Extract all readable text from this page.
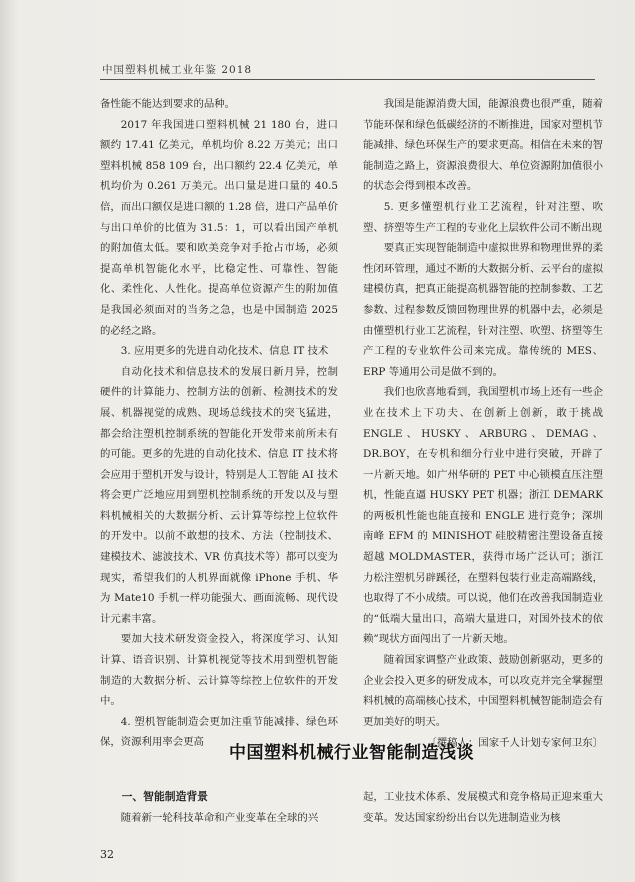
中国塑料机械工业年鉴 2018

备性能不能达到要求的品种。

2017 年我国进口塑料机械 21 180 台，进口额约 17.41 亿美元，单机均价 8.22 万美元；出口塑料机械 858 109 台，出口额约 22.4 亿美元，单机均价为 0.261 万美元。出口量是进口量的 40.5 倍，而出口额仅是进口额的 1.28 倍，进口产品单价与出口单价的比值为 31.5：1，可以看出国产单机的附加值太低。要和欧美竞争对手抢占市场，必须提高单机智能化水平，比稳定性、可靠性、智能化、柔性化、人性化。提高单位资源产生的附加值是我国必须面对的当务之急，也是中国制造 2025 的必经之路。

3. 应用更多的先进自动化技术、信息 IT 技术

自动化技术和信息技术的发展日新月异，控制硬件的计算能力、控制方法的创新、检测技术的发展、机器视觉的成熟、现场总线技术的突飞猛进，都会给注塑机控制系统的智能化开发带来前所未有的可能。更多的先进的自动化技术、信息 IT 技术将会应用于塑机开发与设计，特别是人工智能 AI 技术将会更广泛地应用到塑机控制系统的开发以及与塑料机械相关的大数据分析、云计算等综控上位软件的开发中。以前不敢想的技术、方法（控制技术、建模技术、滤波技术、VR 仿真技术等）都可以变为现实，希望我们的人机界面就像 iPhone 手机、华为 Mate10 手机一样功能强大、画面流畅、现代设计元素丰富。

要加大技术研发资金投入，将深度学习、认知计算、语音识别、计算机视觉等技术用到塑机智能制造的大数据分析、云计算等综控上位软件的开发中。

4. 塑机智能制造会更加注重节能减排、绿色环保，资源利用率会更高

我国是能源消费大国，能源浪费也很严重，随着节能环保和绿色低碳经济的不断推进，国家对塑机节能减排、绿色环保生产的要求更高。相信在未来的智能制造之路上，资源浪费很大、单位资源附加值很小的状态会得到根本改善。

5. 更多懂塑机行业工艺流程，针对注塑、吹塑、挤塑等生产工程的专业化上层软件公司不断出现

要真正实现智能制造中虚拟世界和物理世界的柔性闭环管理，通过不断的大数据分析、云平台的虚拟建模仿真，把真正能提高机器智能的控制参数、工艺参数、过程参数反馈回物理世界的机器中去，必须是由懂塑机行业工艺流程，针对注塑、吹塑、挤塑等生产工程的专业软件公司来完成。靠传统的 MES、ERP 等通用公司是做不到的。

我们也欣喜地看到，我国塑机市场上还有一些企业在技术上下功夫、在创新上创新，敢于挑战 ENGLE、HUSKY、ARBURG、DEMAG、DR.BOY，在专机和细分行业中进行突破，开辟了一片新天地。如广州华研的 PET 中心锁模直压注塑机，性能直逼 HUSKY PET 机器；浙江 DEMARK 的两板机性能也能直接和 ENGLE 进行竞争；深圳南峰 EFM 的 MINISHOT 硅胶精密注塑设备直接超越 MOLDMASTER，获得市场广泛认可；浙江力松注塑机另辟蹊径，在塑料包装行业走高端路线，也取得了不小成绩。可以说，他们在改善我国制造业的“低端大量出口，高端大量进口，对国外技术的依赖”现状方面闯出了一片新天地。

随着国家调整产业政策、鼓励创新驱动，更多的企业会投入更多的研发成本，可以攻克并完全掌握塑料机械的高端核心技术，中国塑料机械智能制造会有更加美好的明天。

〔撰稿人：国家千人计划专家何卫东〕

中国塑料机械行业智能制造浅谈
一、智能制造背景

随着新一轮科技革命和产业变革在全球的兴

起，工业技术体系、发展模式和竞争格局正迎来重大变革。发达国家纷纷出台以先进制造业为核

32
